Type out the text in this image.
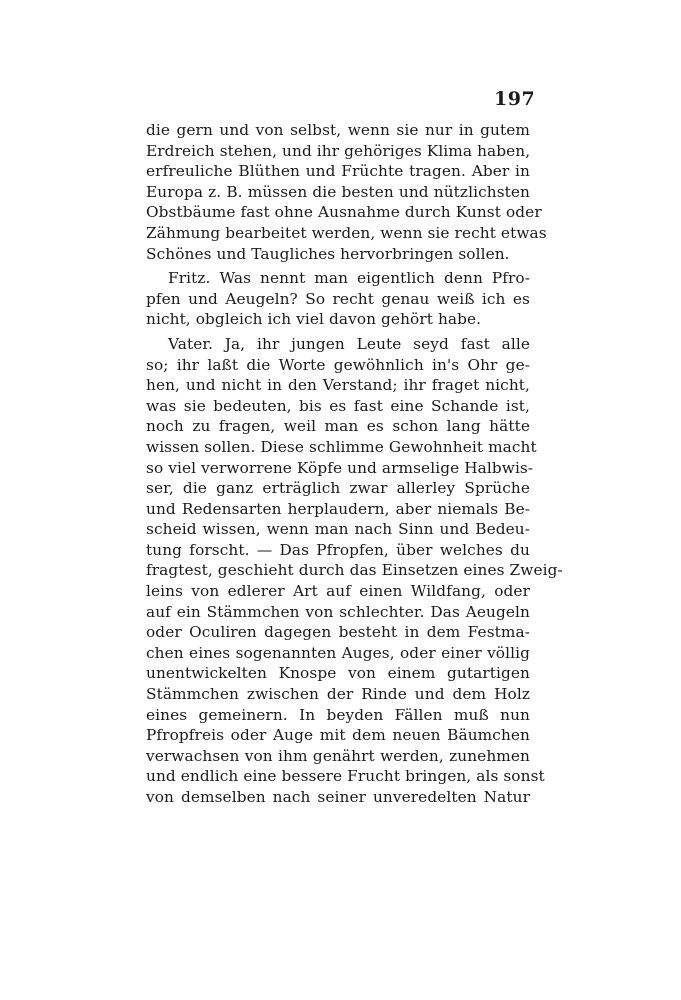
197
die gern und von selbst, wenn sie nur in gutem
Erdreich stehen, und ihr gehöriges Klima haben,
erfreuliche Blüthen und Früchte tragen. Aber in
Europa z. B. müssen die besten und nützlichsten
Obstbäume fast ohne Ausnahme durch Kunst oder
Zähmung bearbeitet werden, wenn sie recht etwas
Schönes und Taugliches hervorbringen sollen.
Fritz. Was nennt man eigentlich denn Pfro-
pfen und Aeugeln? So recht genau weiß ich es
nicht, obgleich ich viel davon gehört habe.
Vater. Ja, ihr jungen Leute seyd fast alle
so; ihr laßt die Worte gewöhnlich in's Ohr ge-
hen, und nicht in den Verstand; ihr fraget nicht,
was sie bedeuten, bis es fast eine Schande ist,
noch zu fragen, weil man es schon lang hätte
wissen sollen. Diese schlimme Gewohnheit macht
so viel verworrene Köpfe und armselige Halbwis-
ser, die ganz erträglich zwar allerley Sprüche
und Redensarten herplaudern, aber niemals Be-
scheid wissen, wenn man nach Sinn und Bedeu-
tung forscht. — Das Pfropfen, über welches du
fragtest, geschieht durch das Einsetzen eines Zweig-
leins von edlerer Art auf einen Wildfang, oder
auf ein Stämmchen von schlechter. Das Aeugeln
oder Oculiren dagegen besteht in dem Festma-
chen eines sogenannten Auges, oder einer völlig
unentwickelten Knospe von einem gutartigen
Stämmchen zwischen der Rinde und dem Holz
eines gemeinern. In beyden Fällen muß nun
Pfropfreis oder Auge mit dem neuen Bäumchen
verwachsen von ihm genährt werden, zunehmen
und endlich eine bessere Frucht bringen, als sonst
von demselben nach seiner unveredelten Natur
